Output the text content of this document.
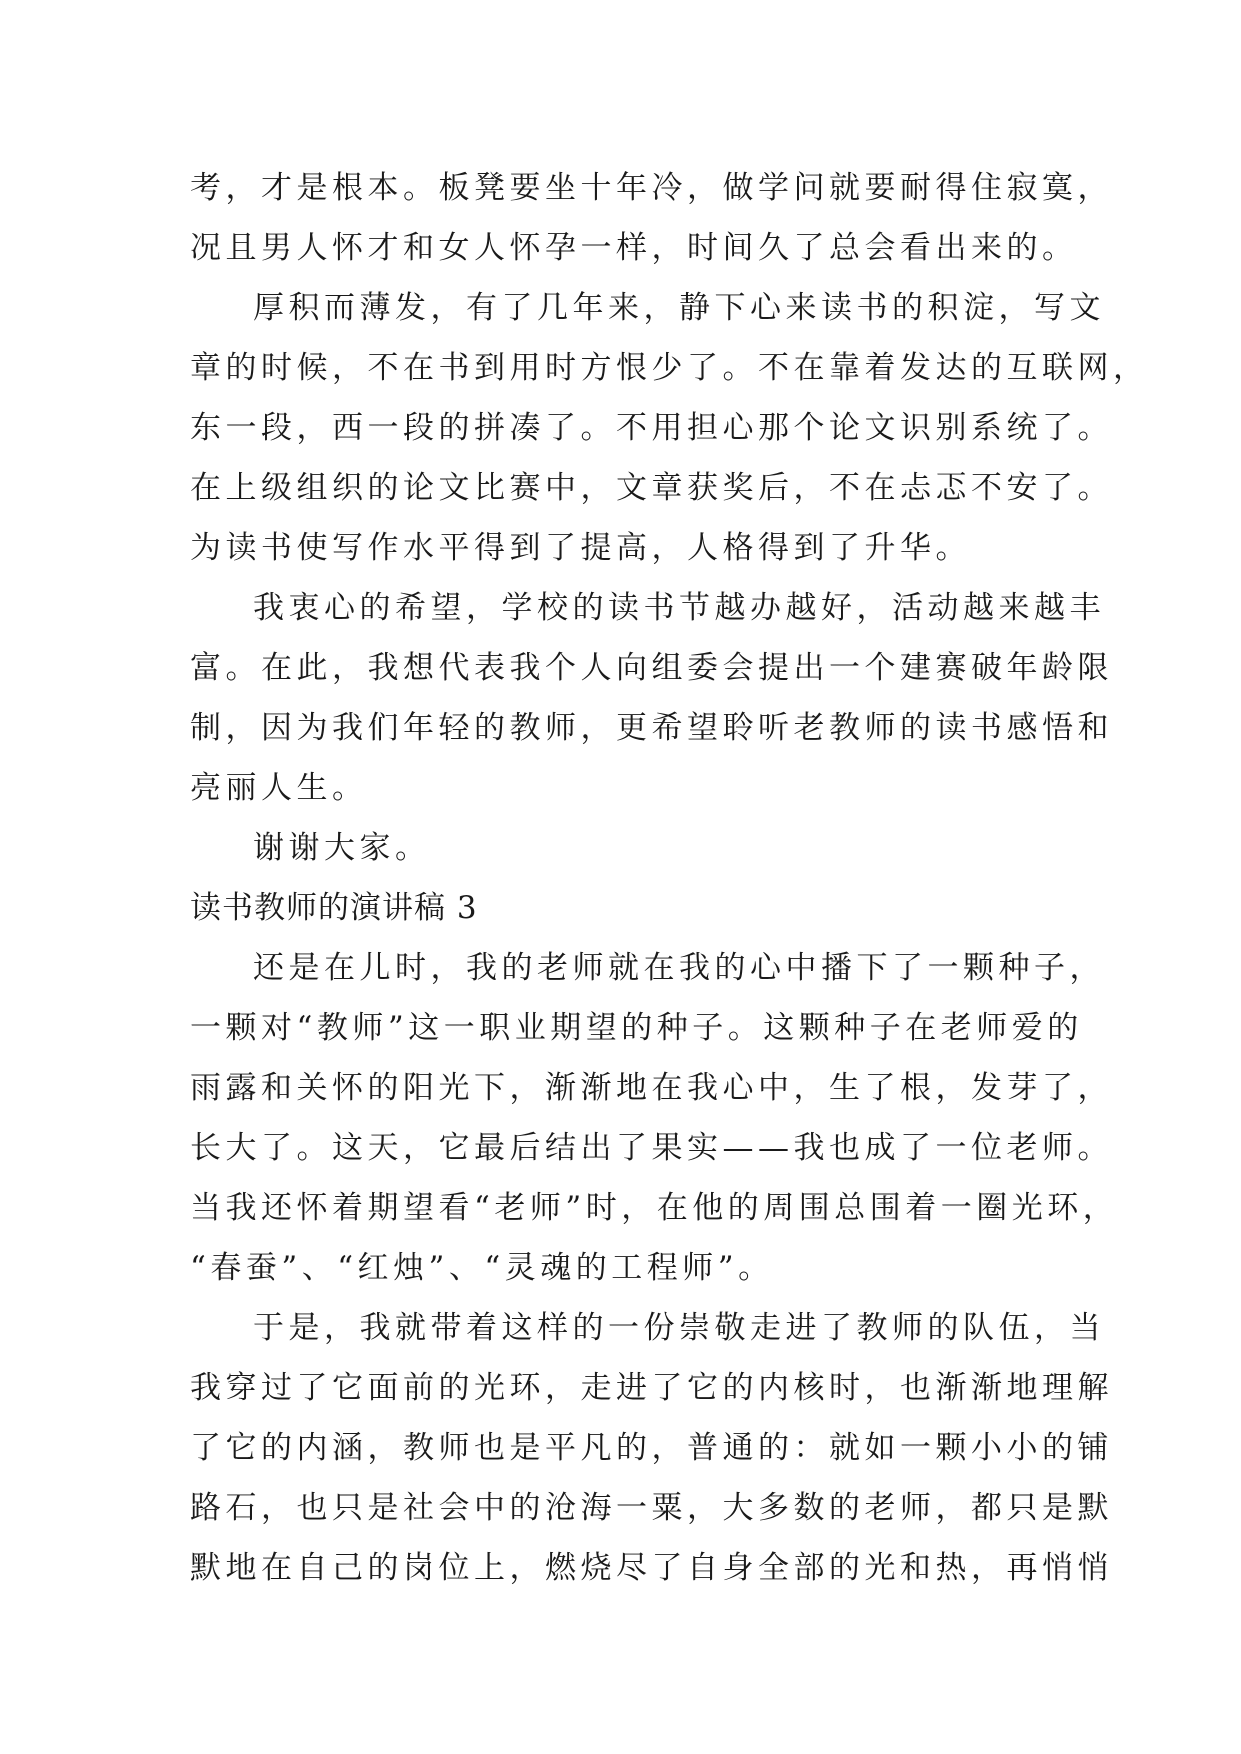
考，才是根本。板凳要坐十年冷，做学问就要耐得住寂寞，
况且男人怀才和女人怀孕一样，时间久了总会看出来的。
厚积而薄发，有了几年来，静下心来读书的积淀，写文
章的时候，不在书到用时方恨少了。不在靠着发达的互联网，
东一段，西一段的拼凑了。不用担心那个论文识别系统了。
在上级组织的论文比赛中，文章获奖后，不在忐忑不安了。
为读书使写作水平得到了提高，人格得到了升华。
我衷心的希望，学校的读书节越办越好，活动越来越丰
富。在此，我想代表我个人向组委会提出一个建赛破年龄限
制，因为我们年轻的教师，更希望聆听老教师的读书感悟和
亮丽人生。
谢谢大家。
读书教师的演讲稿 3
还是在儿时，我的老师就在我的心中播下了一颗种子，
一颗对“教师”这一职业期望的种子。这颗种子在老师爱的
雨露和关怀的阳光下，渐渐地在我心中，生了根，发芽了，
长大了。这天，它最后结出了果实——我也成了一位老师。
当我还怀着期望看“老师”时，在他的周围总围着一圈光环，
“春蚕”、“红烛”、“灵魂的工程师”。
于是，我就带着这样的一份崇敬走进了教师的队伍，当
我穿过了它面前的光环，走进了它的内核时，也渐渐地理解
了它的内涵，教师也是平凡的，普通的：就如一颗小小的铺
路石，也只是社会中的沧海一粟，大多数的老师，都只是默
默地在自己的岗位上，燃烧尽了自身全部的光和热，再悄悄
